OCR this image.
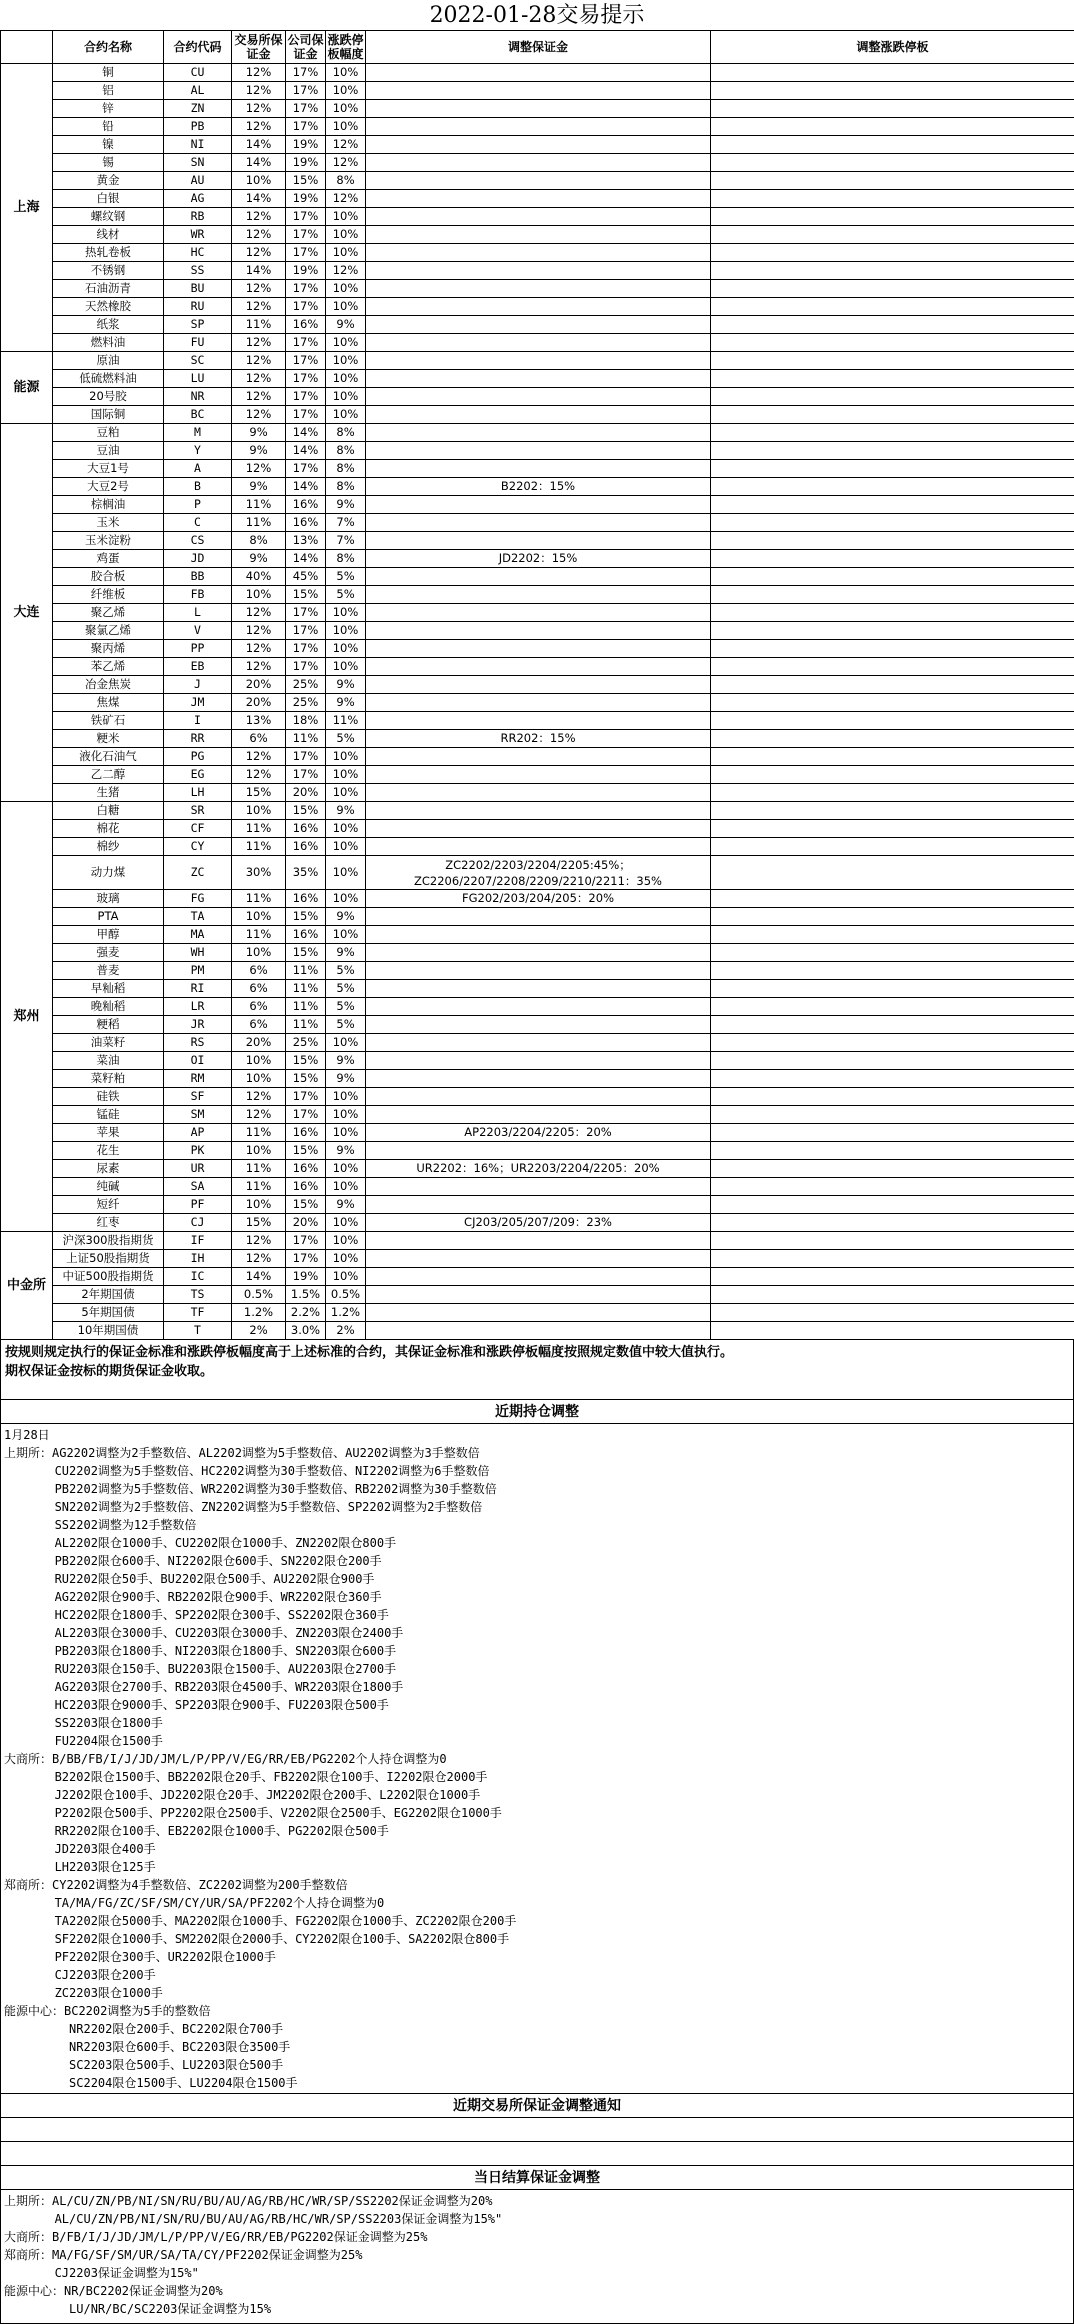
2022-01-28交易提示
	合约名称	合约代码	交易所保证金	公司保证金	涨跌停板幅度	调整保证金	调整涨跌停板
上海	铜	CU	12%	17%	10%		
	铝	AL	12%	17%	10%		
	锌	ZN	12%	17%	10%		
	铅	PB	12%	17%	10%		
	镍	NI	14%	19%	12%		
	锡	SN	14%	19%	12%		
	黄金	AU	10%	15%	8%		
	白银	AG	14%	19%	12%		
	螺纹钢	RB	12%	17%	10%		
	线材	WR	12%	17%	10%		
	热轧卷板	HC	12%	17%	10%		
	不锈钢	SS	14%	19%	12%		
	石油沥青	BU	12%	17%	10%		
	天然橡胶	RU	12%	17%	10%		
	纸浆	SP	11%	16%	9%		
	燃料油	FU	12%	17%	10%		
能源	原油	SC	12%	17%	10%		
	低硫燃料油	LU	12%	17%	10%		
	20号胶	NR	12%	17%	10%		
	国际铜	BC	12%	17%	10%		
大连	豆粕	M	9%	14%	8%		
	豆油	Y	9%	14%	8%		
	大豆1号	A	12%	17%	8%		
	大豆2号	B	9%	14%	8%	B2202：15%	
	棕榈油	P	11%	16%	9%		
	玉米	C	11%	16%	7%		
	玉米淀粉	CS	8%	13%	7%		
	鸡蛋	JD	9%	14%	8%	JD2202：15%	
	胶合板	BB	40%	45%	5%		
	纤维板	FB	10%	15%	5%		
	聚乙烯	L	12%	17%	10%		
	聚氯乙烯	V	12%	17%	10%		
	聚丙烯	PP	12%	17%	10%		
	苯乙烯	EB	12%	17%	10%		
	冶金焦炭	J	20%	25%	9%		
	焦煤	JM	20%	25%	9%		
	铁矿石	I	13%	18%	11%		
	粳米	RR	6%	11%	5%	RR202：15%	
	液化石油气	PG	12%	17%	10%		
	乙二醇	EG	12%	17%	10%		
	生猪	LH	15%	20%	10%		
郑州	白糖	SR	10%	15%	9%		
	棉花	CF	11%	16%	10%		
	棉纱	CY	11%	16%	10%		
	动力煤	ZC	30%	35%	10%	ZC2202/2203/2204/2205:45%；
ZC2206/2207/2208/2209/2210/2211：35%	
	玻璃	FG	11%	16%	10%	FG202/203/204/205：20%	
	PTA	TA	10%	15%	9%		
	甲醇	MA	11%	16%	10%		
	强麦	WH	10%	15%	9%		
	普麦	PM	6%	11%	5%		
	早籼稻	RI	6%	11%	5%		
	晚籼稻	LR	6%	11%	5%		
	粳稻	JR	6%	11%	5%		
	油菜籽	RS	20%	25%	10%		
	菜油	OI	10%	15%	9%		
	菜籽粕	RM	10%	15%	9%		
	硅铁	SF	12%	17%	10%		
	锰硅	SM	12%	17%	10%		
	苹果	AP	11%	16%	10%	AP2203/2204/2205：20%	
	花生	PK	10%	15%	9%		
	尿素	UR	11%	16%	10%	UR2202：16%；UR2203/2204/2205：20%	
	纯碱	SA	11%	16%	10%		
	短纤	PF	10%	15%	9%		
	红枣	CJ	15%	20%	10%	CJ203/205/207/209：23%	
中金所	沪深300股指期货	IF	12%	17%	10%		
	上证50股指期货	IH	12%	17%	10%		
	中证500股指期货	IC	14%	19%	10%		
	2年期国债	TS	0.5%	1.5%	0.5%		
	5年期国债	TF	1.2%	2.2%	1.2%		
	10年期国债	T	2%	3.0%	2%		
按规则规定执行的保证金标准和涨跌停板幅度高于上述标准的合约，其保证金标准和涨跌停板幅度按照规定数值中较大值执行。
期权保证金按标的期货保证金收取。
近期持仓调整
1月28日
上期所：AG2202调整为2手整数倍、AL2202调整为5手整数倍、AU2202调整为3手整数倍
CU2202调整为5手整数倍、HC2202调整为30手整数倍、NI2202调整为6手整数倍
PB2202调整为5手整数倍、WR2202调整为30手整数倍、RB2202调整为30手整数倍
SN2202调整为2手整数倍、ZN2202调整为5手整数倍、SP2202调整为2手整数倍
SS2202调整为12手整数倍
AL2202限仓1000手、CU2202限仓1000手、ZN2202限仓800手
PB2202限仓600手、NI2202限仓600手、SN2202限仓200手
RU2202限仓50手、BU2202限仓500手、AU2202限仓900手
AG2202限仓900手、RB2202限仓900手、WR2202限仓360手
HC2202限仓1800手、SP2202限仓300手、SS2202限仓360手
AL2203限仓3000手、CU2203限仓3000手、ZN2203限仓2400手
PB2203限仓1800手、NI2203限仓1800手、SN2203限仓600手
RU2203限仓150手、BU2203限仓1500手、AU2203限仓2700手
AG2203限仓2700手、RB2203限仓4500手、WR2203限仓1800手
HC2203限仓9000手、SP2203限仓900手、FU2203限仓500手
SS2203限仓1800手
FU2204限仓1500手
大商所：B/BB/FB/I/J/JD/JM/L/P/PP/V/EG/RR/EB/PG2202个人持仓调整为0
B2202限仓1500手、BB2202限仓20手、FB2202限仓100手、I2202限仓2000手
J2202限仓100手、JD2202限仓20手、JM2202限仓200手、L2202限仓1000手
P2202限仓500手、PP2202限仓2500手、V2202限仓2500手、EG2202限仓1000手
RR2202限仓100手、EB2202限仓1000手、PG2202限仓500手
JD2203限仓400手
LH2203限仓125手
郑商所：CY2202调整为4手整数倍、ZC2202调整为200手整数倍
TA/MA/FG/ZC/SF/SM/CY/UR/SA/PF2202个人持仓调整为0
TA2202限仓5000手、MA2202限仓1000手、FG2202限仓1000手、ZC2202限仓200手
SF2202限仓1000手、SM2202限仓2000手、CY2202限仓100手、SA2202限仓800手
PF2202限仓300手、UR2202限仓1000手
CJ2203限仓200手
ZC2203限仓1000手
能源中心：BC2202调整为5手的整数倍
NR2202限仓200手、BC2202限仓700手
NR2203限仓600手、BC2203限仓3500手
SC2203限仓500手、LU2203限仓500手
SC2204限仓1500手、LU2204限仓1500手
近期交易所保证金调整通知
当日结算保证金调整
上期所：AL/CU/ZN/PB/NI/SN/RU/BU/AU/AG/RB/HC/WR/SP/SS2202保证金调整为20%
AL/CU/ZN/PB/NI/SN/RU/BU/AU/AG/RB/HC/WR/SP/SS2203保证金调整为15%"
大商所：B/FB/I/J/JD/JM/L/P/PP/V/EG/RR/EB/PG2202保证金调整为25%
郑商所：MA/FG/SF/SM/UR/SA/TA/CY/PF2202保证金调整为25%
CJ2203保证金调整为15%"
能源中心：NR/BC2202保证金调整为20%
LU/NR/BC/SC2203保证金调整为15%
